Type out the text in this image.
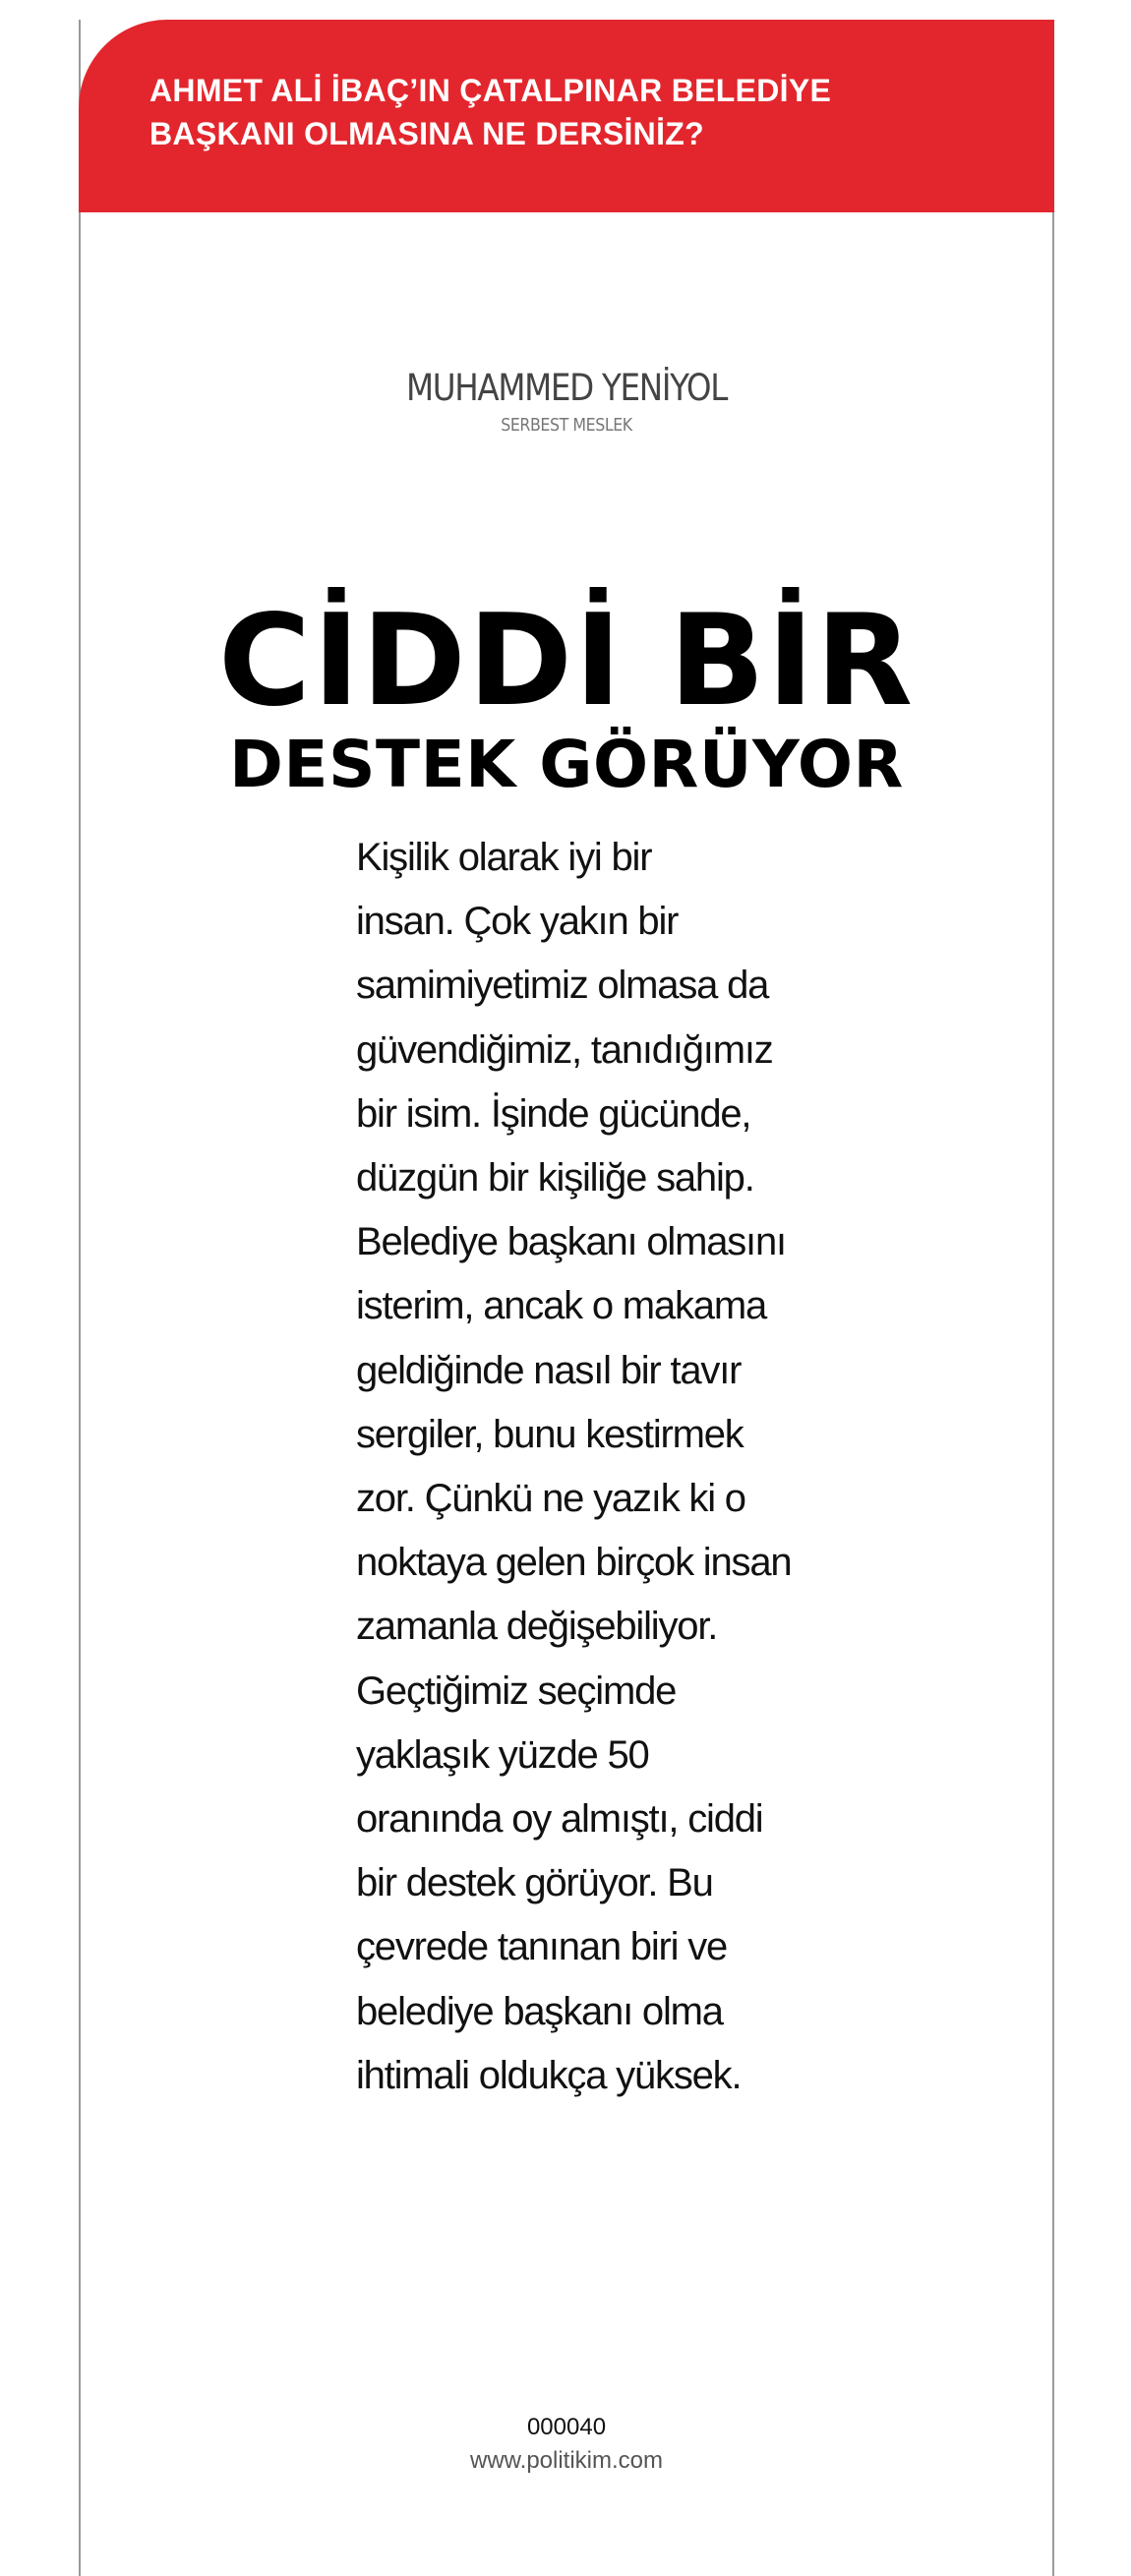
AHMET ALİ İBAÇ’IN ÇATALPINAR BELEDİYE
BAŞKANI OLMASINA NE DERSİNİZ?
MUHAMMED YENİYOL
SERBEST MESLEK
CİDDİ BİR
DESTEK GÖRÜYOR

Kişilik olarak iyi bir
insan. Çok yakın bir
samimiyetimiz olmasa da
güvendiğimiz, tanıdığımız
bir isim. İşinde gücünde,
düzgün bir kişiliğe sahip.
Belediye başkanı olmasını
isterim, ancak o makama
geldiğinde nasıl bir tavır
sergiler, bunu kestirmek
zor. Çünkü ne yazık ki o
noktaya gelen birçok insan
zamanla değişebiliyor.
Geçtiğimiz seçimde
yaklaşık yüzde 50
oranında oy almıştı, ciddi
bir destek görüyor. Bu
çevrede tanınan biri ve
belediye başkanı olma
ihtimali oldukça yüksek.

000040
www.politikim.com
